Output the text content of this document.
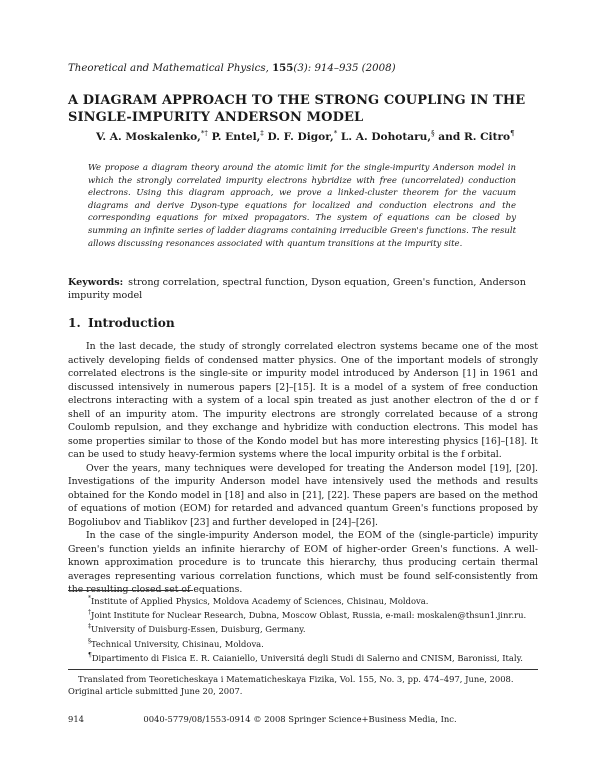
Theoretical and Mathematical Physics, 155(3): 914–935 (2008)
A DIAGRAM APPROACH TO THE STRONG COUPLING IN THE SINGLE-IMPURITY ANDERSON MODEL
V. A. Moskalenko,*† P. Entel,‡ D. F. Digor,* L. A. Dohotaru,§ and R. Citro¶
We propose a diagram theory around the atomic limit for the single-impurity Anderson model in which the strongly correlated impurity electrons hybridize with free (uncorrelated) conduction electrons. Using this diagram approach, we prove a linked-cluster theorem for the vacuum diagrams and derive Dyson-type equations for localized and conduction electrons and the corresponding equations for mixed propagators. The system of equations can be closed by summing an infinite series of ladder diagrams containing irreducible Green's functions. The result allows discussing resonances associated with quantum transitions at the impurity site.
Keywords: strong correlation, spectral function, Dyson equation, Green's function, Anderson impurity model
1. Introduction

In the last decade, the study of strongly correlated electron systems became one of the most actively developing fields of condensed matter physics. One of the important models of strongly correlated electrons is the single-site or impurity model introduced by Anderson [1] in 1961 and discussed intensively in numerous papers [2]–[15]. It is a model of a system of free conduction electrons interacting with a system of a local spin treated as just another electron of the d or f shell of an impurity atom. The impurity electrons are strongly correlated because of a strong Coulomb repulsion, and they exchange and hybridize with conduction electrons. This model has some properties similar to those of the Kondo model but has more interesting physics [16]–[18]. It can be used to study heavy-fermion systems where the local impurity orbital is the f orbital.

Over the years, many techniques were developed for treating the Anderson model [19], [20]. Investigations of the impurity Anderson model have intensively used the methods and results obtained for the Kondo model in [18] and also in [21], [22]. These papers are based on the method of equations of motion (EOM) for retarded and advanced quantum Green's functions proposed by Bogoliubov and Tiablikov [23] and further developed in [24]–[26].

In the case of the single-impurity Anderson model, the EOM of the (single-particle) impurity Green's function yields an infinite hierarchy of EOM of higher-order Green's functions. A well-known approximation procedure is to truncate this hierarchy, thus producing certain thermal averages representing various correlation functions, which must be found self-consistently from the resulting closed set of equations.

*Institute of Applied Physics, Moldova Academy of Sciences, Chisinau, Moldova.
†Joint Institute for Nuclear Research, Dubna, Moscow Oblast, Russia, e-mail: moskalen@thsun1.jinr.ru.
‡University of Duisburg-Essen, Duisburg, Germany.
§Technical University, Chisinau, Moldova.
¶Dipartimento di Fisica E. R. Caianiello, Universitá degli Studi di Salerno and CNISM, Baronissi, Italy.
Translated from Teoreticheskaya i Matematicheskaya Fizika, Vol. 155, No. 3, pp. 474–497, June, 2008. Original article submitted June 20, 2007.
914	0040-5779/08/1553-0914 © 2008 Springer Science+Business Media, Inc.
